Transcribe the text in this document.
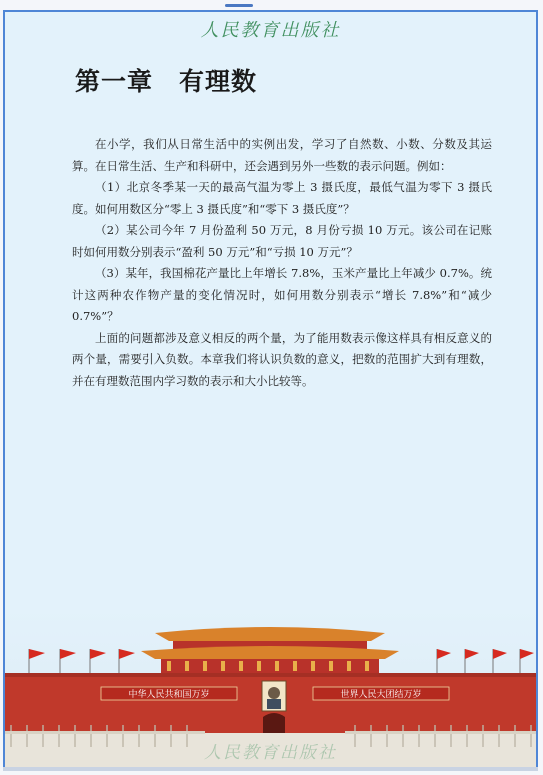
人民教育出版社
第一章　有理数

在小学，我们从日常生活中的实例出发，学习了自然数、小数、分数及其运算。在日常生活、生产和科研中，还会遇到另外一些数的表示问题。例如：

（1）北京冬季某一天的最高气温为零上 3 摄氏度，最低气温为零下 3 摄氏度。如何用数区分“零上 3 摄氏度”和“零下 3 摄氏度”？

（2）某公司今年 7 月份盈利 50 万元，8 月份亏损 10 万元。该公司在记账时如何用数分别表示“盈利 50 万元”和“亏损 10 万元”？

（3）某年，我国棉花产量比上年增长 7.8%，玉米产量比上年减少 0.7%。统计这两种农作物产量的变化情况时，如何用数分别表示“增长 7.8%”和“减少 0.7%”？

上面的问题都涉及意义相反的两个量，为了能用数表示像这样具有相反意义的两个量，需要引入负数。本章我们将认识负数的意义，把数的范围扩大到有理数，并在有理数范围内学习数的表示和大小比较等。

中华人民共和国万岁	世界人民大团结万岁
人民教育出版社
